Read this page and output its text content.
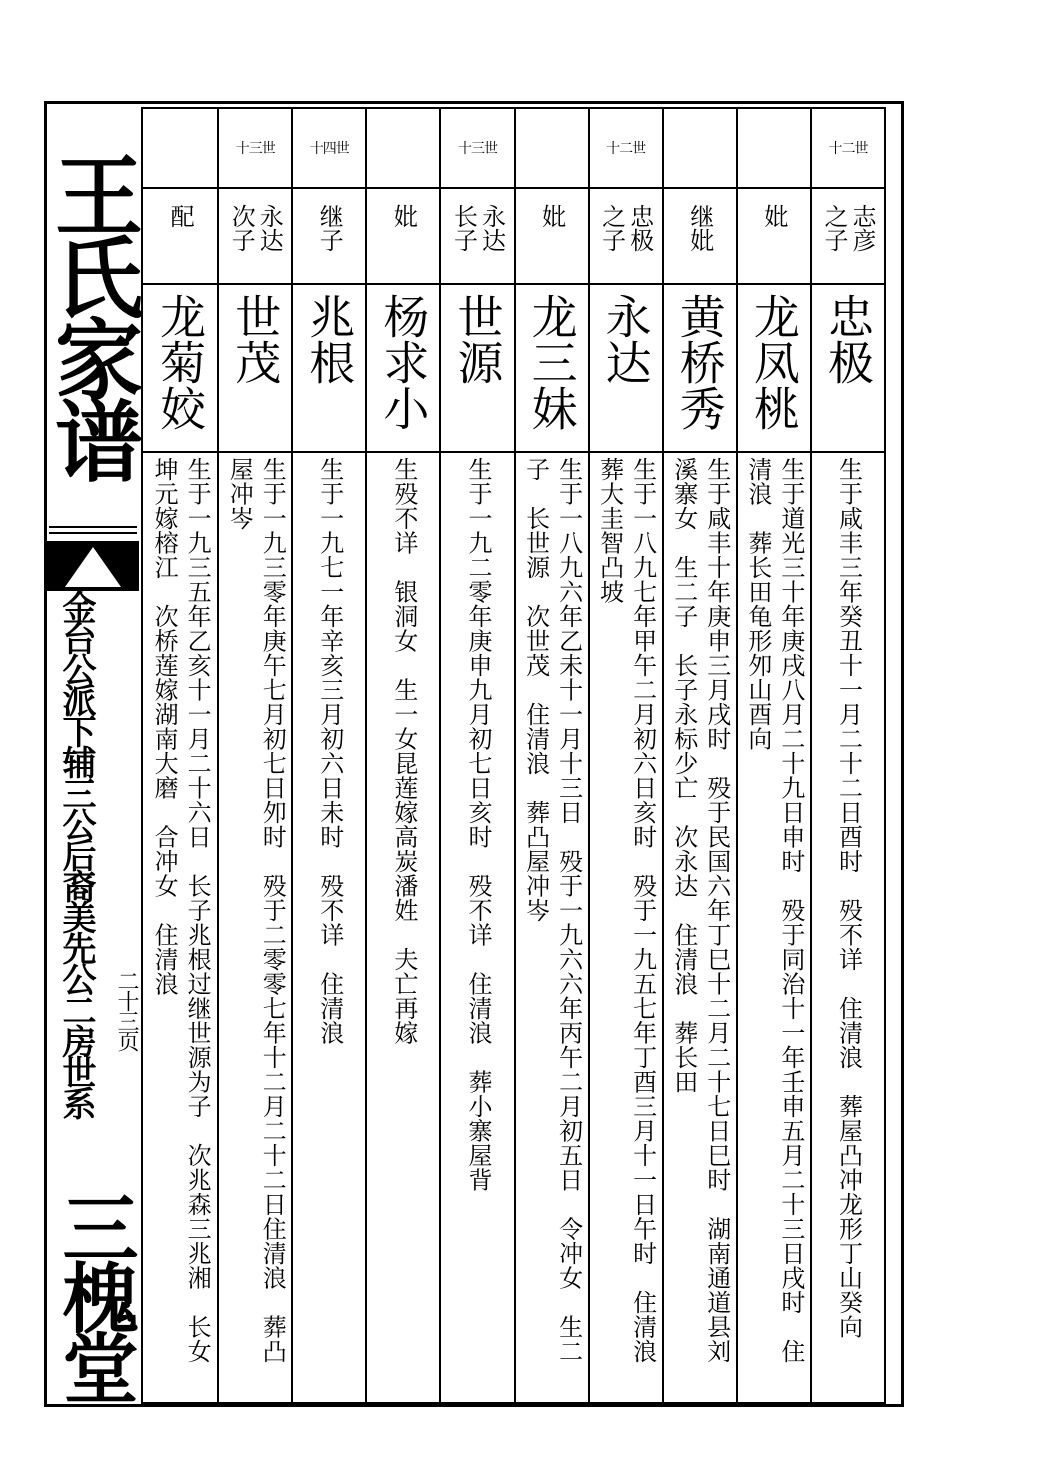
王氏家谱
金台公派下辅三公后裔美先公二房世系 二十三页
三槐堂
十二世
志彦之子
忠极
生于咸丰三年癸丑十一月二十二日酉时　殁不详　住清浪　葬屋凸冲龙形丁山癸向
妣
龙凤桃
生于道光三十年庚戌八月二十九日申时　殁于同治十一年壬申五月二十三日戌时　住清浪　葬长田龟形夘山酉向
继妣
黄桥秀
生于咸丰十年庚申三月戌时　殁于民国六年丁巳十二月二十七日巳时　湖南通道县刘溪寨女　生二子　长子永标少亡　次永达　住清浪　葬长田
十二世
忠极之子
永达
生于一八九七年甲午二月初六日亥时　殁于一九五七年丁酉三月十一日午时　住清浪　葬大圭智凸坡
妣
龙三妹
生于一八九六年乙未十一月十三日　殁于一九六六年丙午二月初五日　令冲女　生二子　长世源　次世茂　住清浪　葬凸屋冲岑
十三世
永达长子
世源
生于一九二零年庚申九月初七日亥时　殁不详　住清浪　葬小寨屋背
妣
杨求小
生殁不详　银洞女　生一女昆莲嫁高炭潘姓　夫亡再嫁
十四世
继子
兆根
生于一九七一年辛亥三月初六日未时　殁不详　住清浪
十三世
永达次子
世茂
生于一九三零年庚午七月初七日夘时　殁于二零零七年十二月二十二日住清浪　葬凸屋冲岑
配
龙菊姣
生于一九三五年乙亥十一月二十六日　长子兆根过继世源为子　次兆森三兆湘　长女坤元嫁榕江　次桥莲嫁湖南大磨　合冲女　住清浪
